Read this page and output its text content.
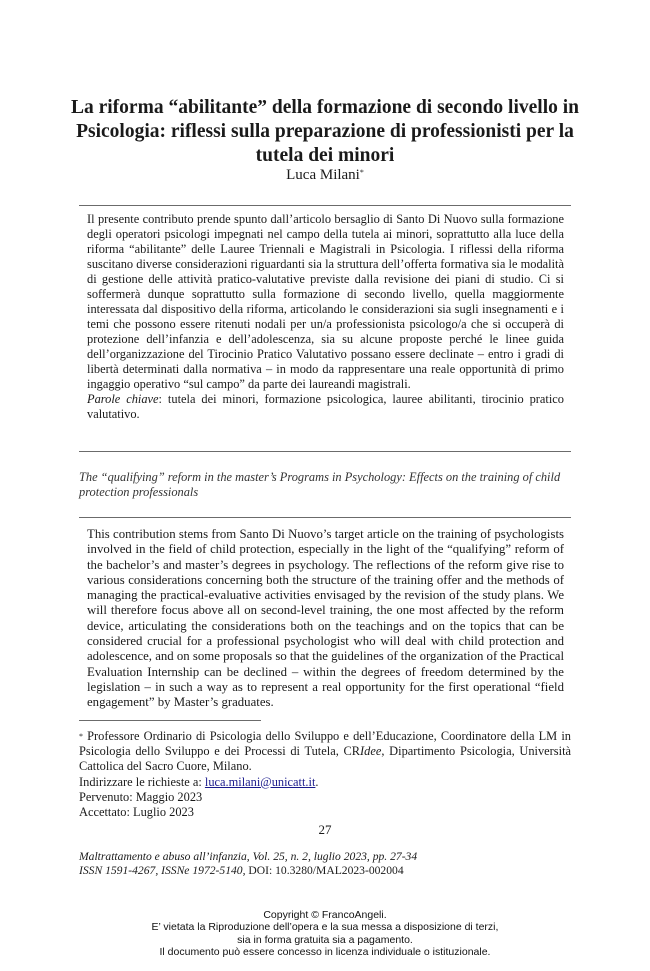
La riforma “abilitante” della formazione di secondo livello in Psicologia: riflessi sulla preparazione di professionisti per la tutela dei minori
Luca Milani*

Il presente contributo prende spunto dall’articolo bersaglio di Santo Di Nuovo sulla formazione degli operatori psicologi impegnati nel campo della tutela ai minori, soprattutto alla luce della riforma “abilitante” delle Lauree Triennali e Magistrali in Psicologia. I riflessi della riforma suscitano diverse considerazioni riguardanti sia la struttura dell’offerta formativa sia le modalità di gestione delle attività pratico-valutative previste dalla revisione dei piani di studio. Ci si soffermerà dunque soprattutto sulla formazione di secondo livello, quella maggiormente interessata dal dispositivo della riforma, articolando le considerazioni sia sugli insegnamenti e i temi che possono essere ritenuti nodali per un/a professionista psicologo/a che si occuperà di protezione dell’infanzia e dell’adolescenza, sia su alcune proposte perché le linee guida dell’organizzazione del Tirocinio Pratico Valutativo possano essere declinate – entro i gradi di libertà determinati dalla normativa – in modo da rappresentare una reale opportunità di primo ingaggio operativo “sul campo” da parte dei laureandi magistrali.

Parole chiave: tutela dei minori, formazione psicologica, lauree abilitanti, tirocinio pratico valutativo.

The “qualifying” reform in the master’s Programs in Psychology: Effects on the training of child protection professionals

This contribution stems from Santo Di Nuovo’s target article on the training of psychologists involved in the field of child protection, especially in the light of the “qualifying” reform of the bachelor’s and master’s degrees in psychology. The reflections of the reform give rise to various considerations concerning both the structure of the training offer and the methods of managing the practical-evaluative activities envisaged by the revision of the study plans. We will therefore focus above all on second-level training, the one most affected by the reform device, articulating the considerations both on the teachings and on the topics that can be considered crucial for a professional psychologist who will deal with child protection and adolescence, and on some proposals so that the guidelines of the organization of the Practical Evaluation Internship can be declined – within the degrees of freedom determined by the legislation – in such a way as to represent a real opportunity for the first operational “field engagement” by Master’s graduates.

* Professore Ordinario di Psicologia dello Sviluppo e dell’Educazione, Coordinatore della LM in Psicologia dello Sviluppo e dei Processi di Tutela, CRIdee, Dipartimento Psicologia, Università Cattolica del Sacro Cuore, Milano.
Indirizzare le richieste a: luca.milani@unicatt.it.
Pervenuto: Maggio 2023
Accettato: Luglio 2023
27
Maltrattamento e abuso all’infanzia, Vol. 25, n. 2, luglio 2023, pp. 27-34
ISSN 1591-4267, ISSNe 1972-5140, DOI: 10.3280/MAL2023-002004
Copyright © FrancoAngeli.
E’ vietata la Riproduzione dell’opera e la sua messa a disposizione di terzi,
sia in forma gratuita sia a pagamento.
Il documento può essere concesso in licenza individuale o istituzionale.
